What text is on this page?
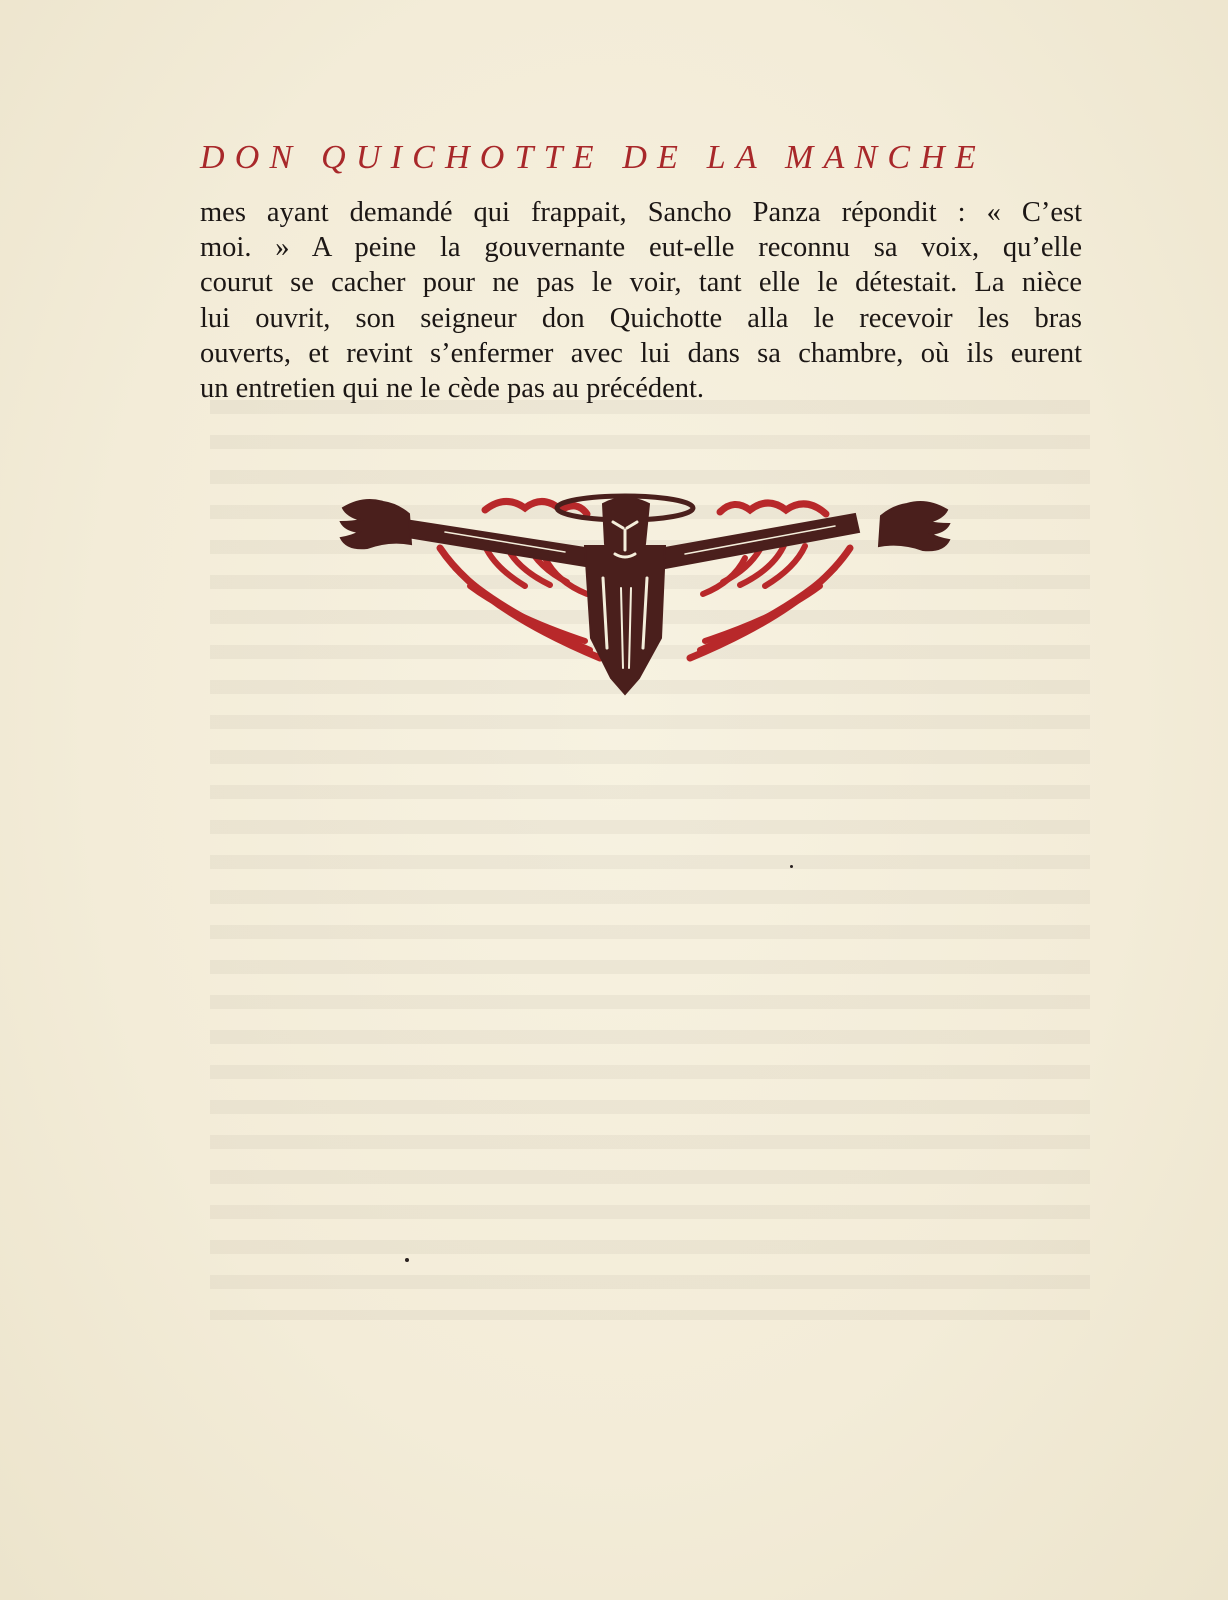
DON QUICHOTTE DE LA MANCHE
mes ayant demandé qui frappait, Sancho Panza répondit : « C’est
moi. » A peine la gouvernante eut-elle reconnu sa voix, qu’elle
courut se cacher pour ne pas le voir, tant elle le détestait. La nièce
lui ouvrit, son seigneur don Quichotte alla le recevoir les bras
ouverts, et revint s’enfermer avec lui dans sa chambre, où ils eurent
un entretien qui ne le cède pas au précédent.
